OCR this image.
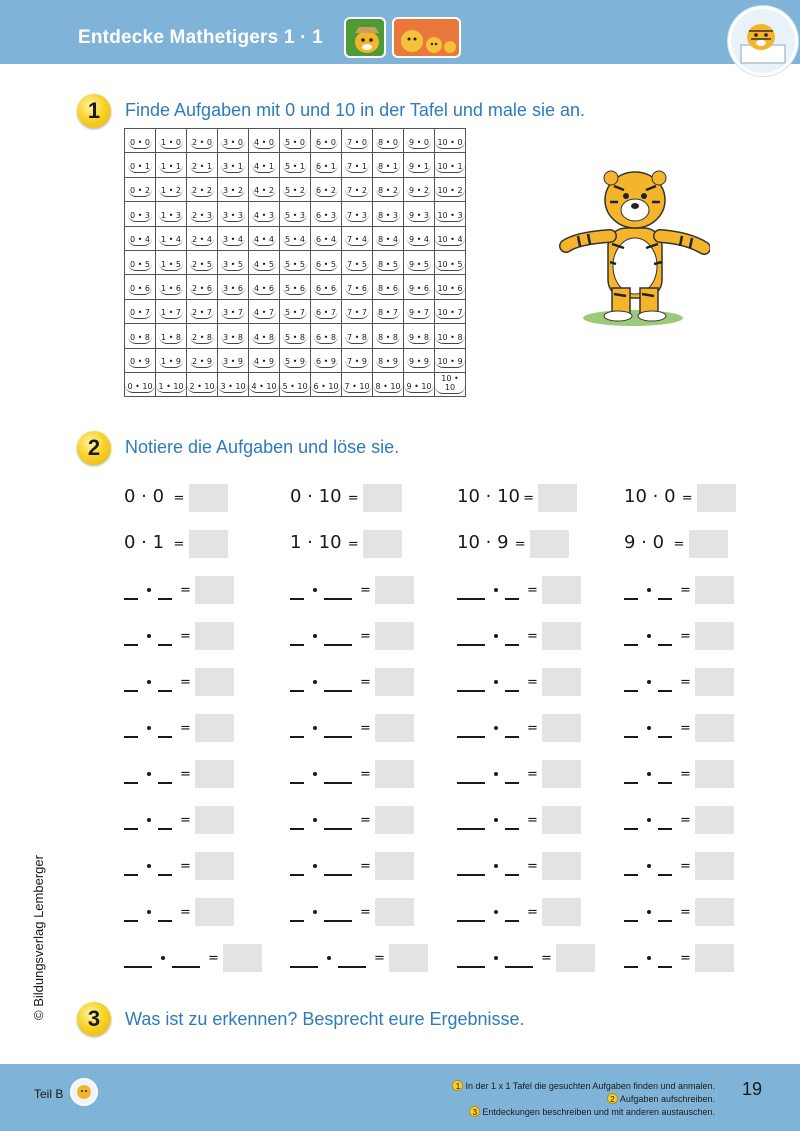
Entdecke Mathetigers 1 · 1
1	Finde Aufgaben mit 0 und 10 in der Tafel und male sie an.
0 • 0	1 • 0	2 • 0	3 • 0	4 • 0	5 • 0	6 • 0	7 • 0	8 • 0	9 • 0	10 • 0
0 • 1	1 • 1	2 • 1	3 • 1	4 • 1	5 • 1	6 • 1	7 • 1	8 • 1	9 • 1	10 • 1
0 • 2	1 • 2	2 • 2	3 • 2	4 • 2	5 • 2	6 • 2	7 • 2	8 • 2	9 • 2	10 • 2
0 • 3	1 • 3	2 • 3	3 • 3	4 • 3	5 • 3	6 • 3	7 • 3	8 • 3	9 • 3	10 • 3
0 • 4	1 • 4	2 • 4	3 • 4	4 • 4	5 • 4	6 • 4	7 • 4	8 • 4	9 • 4	10 • 4
0 • 5	1 • 5	2 • 5	3 • 5	4 • 5	5 • 5	6 • 5	7 • 5	8 • 5	9 • 5	10 • 5
0 • 6	1 • 6	2 • 6	3 • 6	4 • 6	5 • 6	6 • 6	7 • 6	8 • 6	9 • 6	10 • 6
0 • 7	1 • 7	2 • 7	3 • 7	4 • 7	5 • 7	6 • 7	7 • 7	8 • 7	9 • 7	10 • 7
0 • 8	1 • 8	2 • 8	3 • 8	4 • 8	5 • 8	6 • 8	7 • 8	8 • 8	9 • 8	10 • 8
0 • 9	1 • 9	2 • 9	3 • 9	4 • 9	5 • 9	6 • 9	7 • 9	8 • 9	9 • 9	10 • 9
0 • 10	1 • 10	2 • 10	3 • 10	4 • 10	5 • 10	6 • 10	7 • 10	8 • 10	9 • 10	10 • 10
2	Notiere die Aufgaben und löse sie.
0 · 0 =	0 · 10 =	10 · 10 =	10 · 0 =
0 · 1 =	1 · 10 =	10 · 9 =	9 · 0 =
=	=	=	=
=	=	=	=
=	=	=	=
=	=	=	=
=	=	=	=
=	=	=	=
=	=	=	=
=	=	=	=
=	=	=	=
3	Was ist zu erkennen? Besprecht eure Ergebnisse.
© Bildungsverlag Lemberger
Teil B
1 In der 1 x 1 Tafel die gesuchten Aufgaben finden und anmalen.
2 Aufgaben aufschreiben.
3 Entdeckungen beschreiben und mit anderen austauschen.
19
